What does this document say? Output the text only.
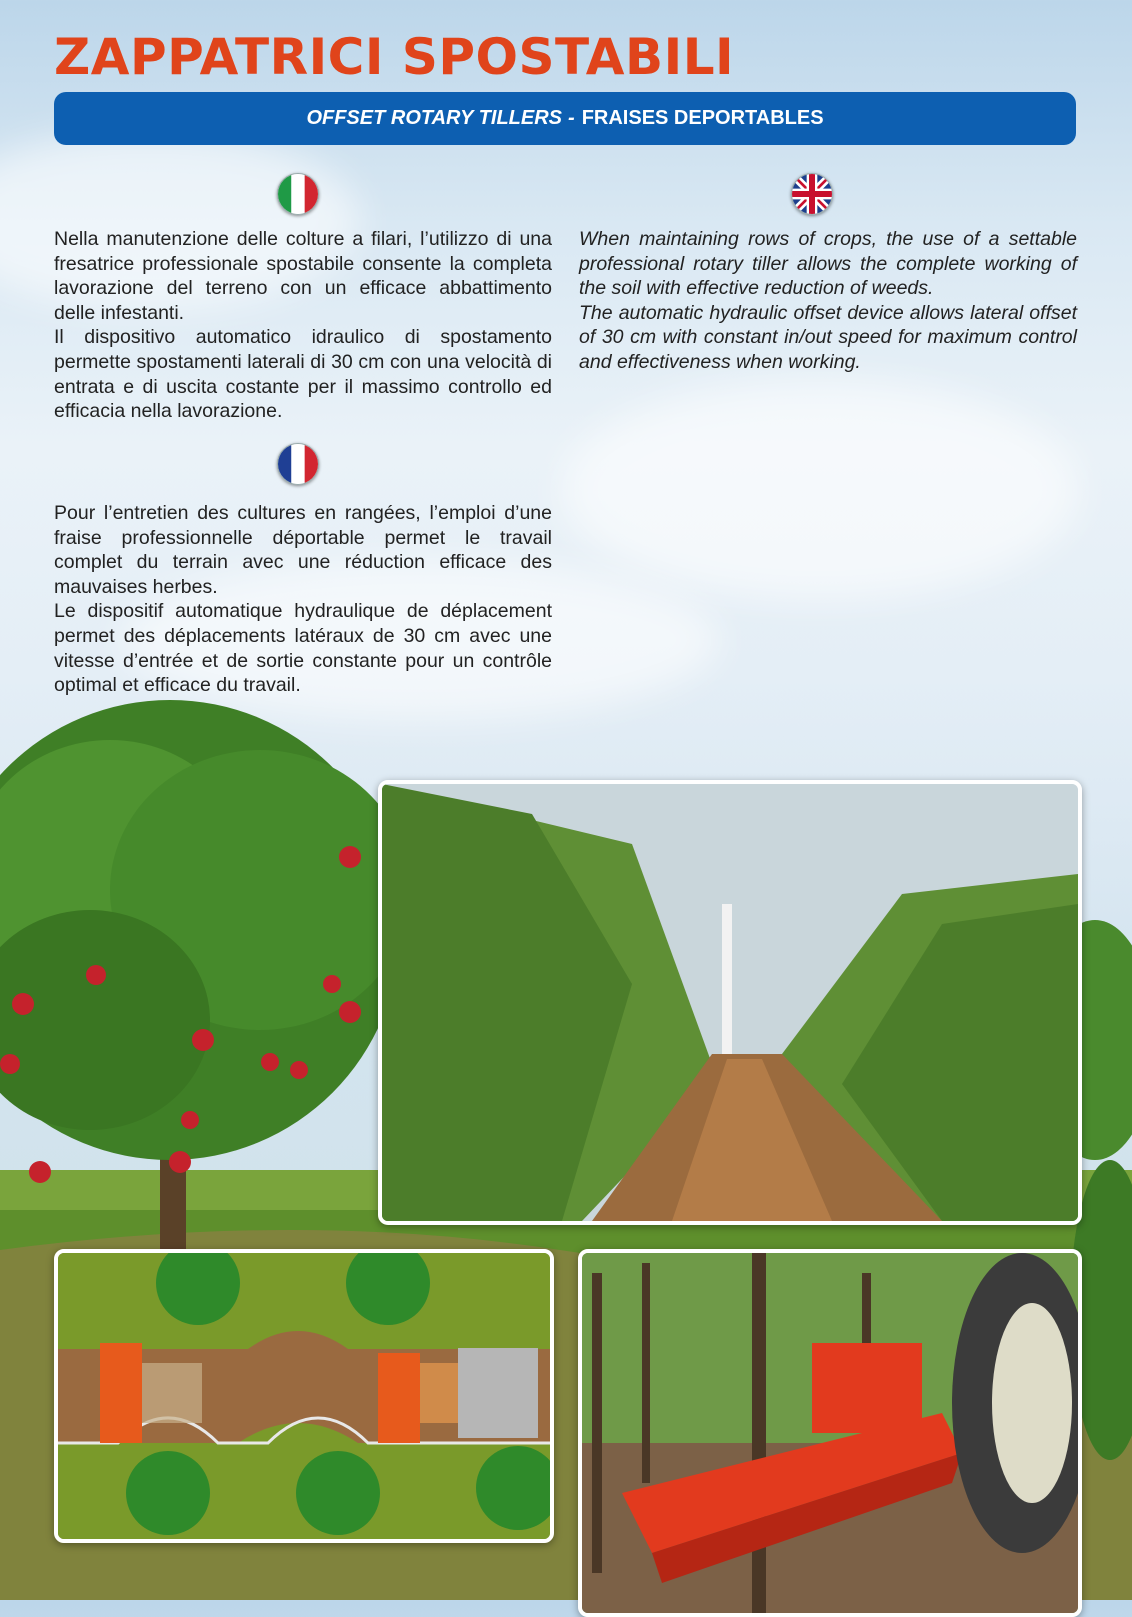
ZAPPATRICI SPOSTABILI
OFFSET ROTARY TILLERS - FRAISES DEPORTABLES

Nella manutenzione delle colture a filari, l’utilizzo di una fresatrice professionale spostabile consente la completa lavorazione del terreno con un efficace abbattimento delle infestanti.

Il dispositivo automatico idraulico di spostamento permette spostamenti laterali di 30 cm con una velocità di entrata e di uscita costante per il massimo controllo ed efficacia nella lavorazione.

When maintaining rows of crops, the use of a settable professional rotary tiller allows the complete working of the soil with effective reduction of weeds.

The automatic hydraulic offset device allows lateral offset of 30 cm with constant in/out speed for maximum control and effectiveness when working.

Pour l’entretien des cultures en rangées, l’emploi d’une fraise professionnelle déportable permet le travail complet du terrain avec une réduction efficace des mauvaises herbes.

Le dispositif automatique hydraulique de déplacement permet des déplacements latéraux de 30 cm avec une vitesse d’entrée et de sortie constante pour un contrôle optimal et efficace du travail.
